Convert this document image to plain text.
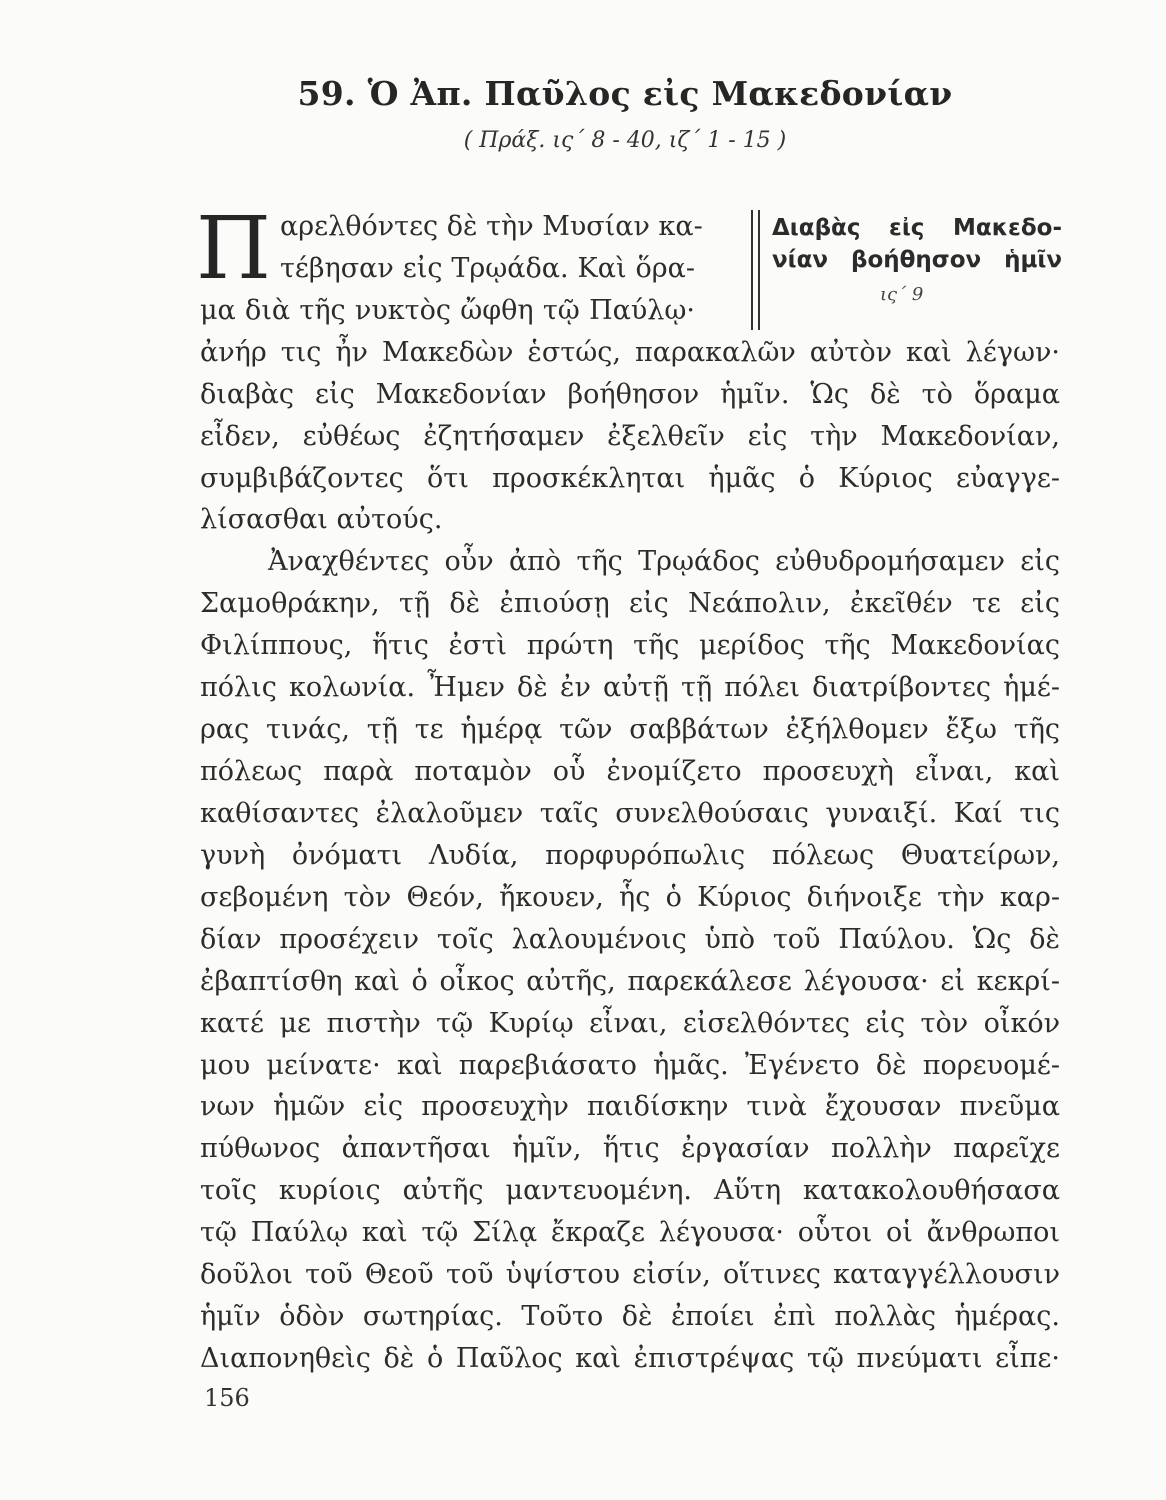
59. Ὁ Ἀπ. Παῦλος εἰς Μακεδονίαν
( Πράξ. ις΄ 8 - 40, ιζ΄ 1 - 15 )
Π	Διαβὰς εἰς Μακεδο-
νίαν βοήθησον ἡμῖν
ις΄ 9
αρελθόντες δὲ τὴν Μυσίαν κα-
τέβησαν εἰς Τρῳάδα. Καὶ ὅρα-
μα διὰ τῆς νυκτὸς ὤφθη τῷ Παύλῳ·
ἀνήρ τις ἦν Μακεδὼν ἑστώς, παρακαλῶν αὐτὸν καὶ λέγων·
διαβὰς εἰς Μακεδονίαν βοήθησον ἡμῖν. Ὡς δὲ τὸ ὅραμα
εἶδεν, εὐθέως ἐζητήσαμεν ἐξελθεῖν εἰς τὴν Μακεδονίαν,
συμβιβάζοντες ὅτι προσκέκληται ἡμᾶς ὁ Κύριος εὐαγγε-
λίσασθαι αὐτούς.
Ἀναχθέντες οὖν ἀπὸ τῆς Τρῳάδος εὐθυδρομήσαμεν εἰς
Σαμοθράκην, τῇ δὲ ἐπιούσῃ εἰς Νεάπολιν, ἐκεῖθέν τε εἰς
Φιλίππους, ἥτις ἐστὶ πρώτη τῆς μερίδος τῆς Μακεδονίας
πόλις κολωνία. Ἦμεν δὲ ἐν αὐτῇ τῇ πόλει διατρίβοντες ἡμέ-
ρας τινάς, τῇ τε ἡμέρᾳ τῶν σαββάτων ἐξήλθομεν ἔξω τῆς
πόλεως παρὰ ποταμὸν οὗ ἐνομίζετο προσευχὴ εἶναι, καὶ
καθίσαντες ἐλαλοῦμεν ταῖς συνελθούσαις γυναιξί. Καί τις
γυνὴ ὀνόματι Λυδία, πορφυρόπωλις πόλεως Θυατείρων,
σεβομένη τὸν Θεόν, ἤκουεν, ἧς ὁ Κύριος διήνοιξε τὴν καρ-
δίαν προσέχειν τοῖς λαλουμένοις ὑπὸ τοῦ Παύλου. Ὡς δὲ
ἐβαπτίσθη καὶ ὁ οἶκος αὐτῆς, παρεκάλεσε λέγουσα· εἰ κεκρί-
κατέ με πιστὴν τῷ Κυρίῳ εἶναι, εἰσελθόντες εἰς τὸν οἶκόν
μου μείνατε· καὶ παρεβιάσατο ἡμᾶς. Ἐγένετο δὲ πορευομέ-
νων ἡμῶν εἰς προσευχὴν παιδίσκην τινὰ ἔχουσαν πνεῦμα
πύθωνος ἀπαντῆσαι ἡμῖν, ἥτις ἐργασίαν πολλὴν παρεῖχε
τοῖς κυρίοις αὐτῆς μαντευομένη. Αὕτη κατακολουθήσασα
τῷ Παύλῳ καὶ τῷ Σίλᾳ ἔκραζε λέγουσα· οὗτοι οἱ ἄνθρωποι
δοῦλοι τοῦ Θεοῦ τοῦ ὑψίστου εἰσίν, οἵτινες καταγγέλλουσιν
ἡμῖν ὁδὸν σωτηρίας. Τοῦτο δὲ ἐποίει ἐπὶ πολλὰς ἡμέρας.
Διαπονηθεὶς δὲ ὁ Παῦλος καὶ ἐπιστρέψας τῷ πνεύματι εἶπε·
156
